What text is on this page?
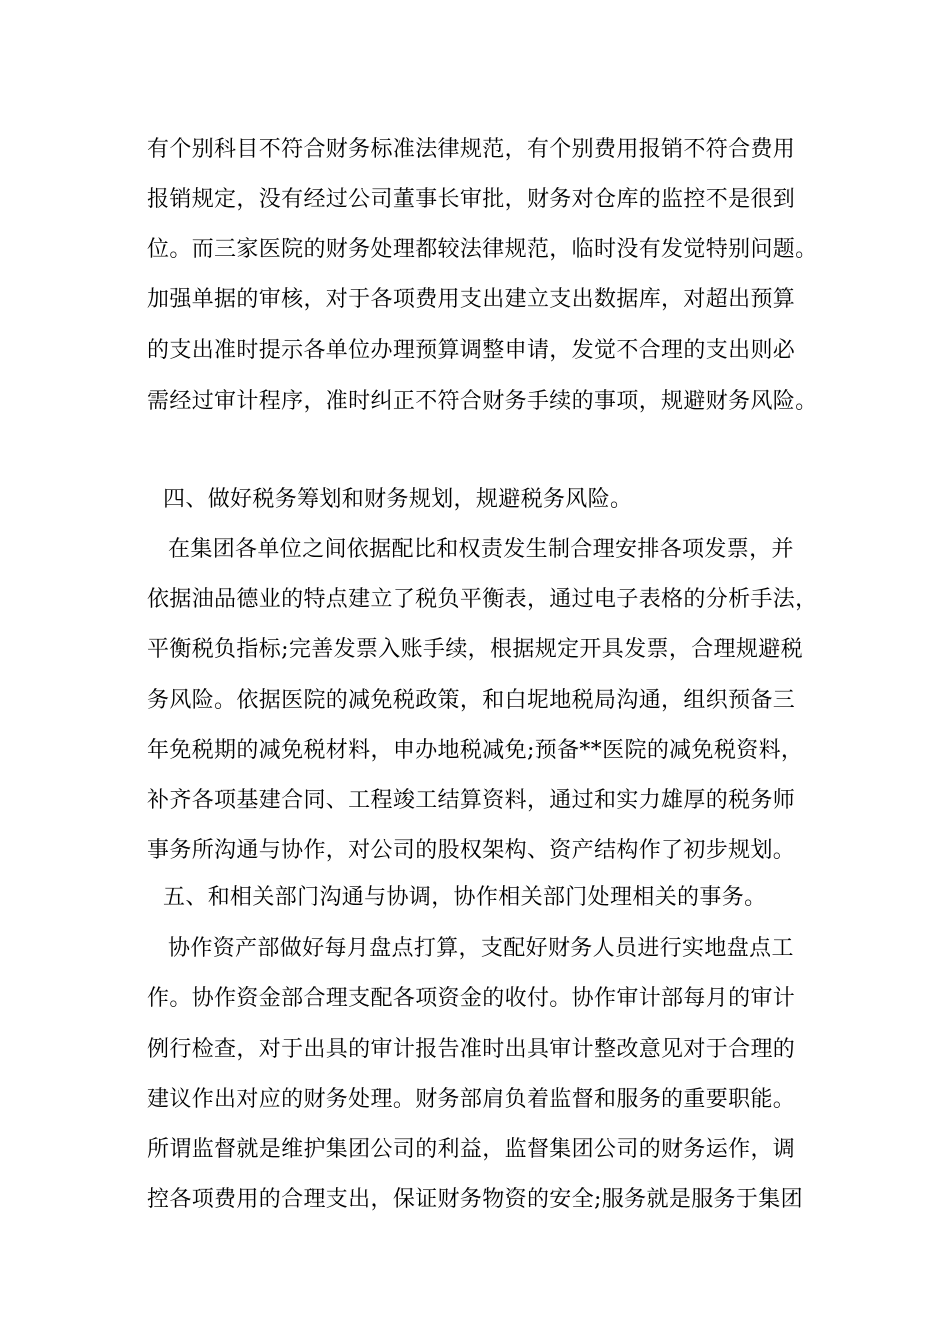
有个别科目不符合财务标准法律规范，有个别费用报销不符合费用
报销规定，没有经过公司董事长审批，财务对仓库的监控不是很到
位。而三家医院的财务处理都较法律规范，临时没有发觉特别问题。
加强单据的审核，对于各项费用支出建立支出数据库，对超出预算
的支出准时提示各单位办理预算调整申请，发觉不合理的支出则必
需经过审计程序，准时纠正不符合财务手续的事项，规避财务风险。
四、做好税务筹划和财务规划，规避税务风险。
在集团各单位之间依据配比和权责发生制合理安排各项发票，并
依据油品德业的特点建立了税负平衡表，通过电子表格的分析手法，
平衡税负指标;完善发票入账手续，根据规定开具发票，合理规避税
务风险。依据医院的减免税政策，和白坭地税局沟通，组织预备三
年免税期的减免税材料，申办地税减免;预备**医院的减免税资料，
补齐各项基建合同、工程竣工结算资料，通过和实力雄厚的税务师
事务所沟通与协作，对公司的股权架构、资产结构作了初步规划。
五、和相关部门沟通与协调，协作相关部门处理相关的事务。
协作资产部做好每月盘点打算，支配好财务人员进行实地盘点工
作。协作资金部合理支配各项资金的收付。协作审计部每月的审计
例行检查，对于出具的审计报告准时出具审计整改意见对于合理的
建议作出对应的财务处理。财务部肩负着监督和服务的重要职能。
所谓监督就是维护集团公司的利益，监督集团公司的财务运作，调
控各项费用的合理支出，保证财务物资的安全;服务就是服务于集团
